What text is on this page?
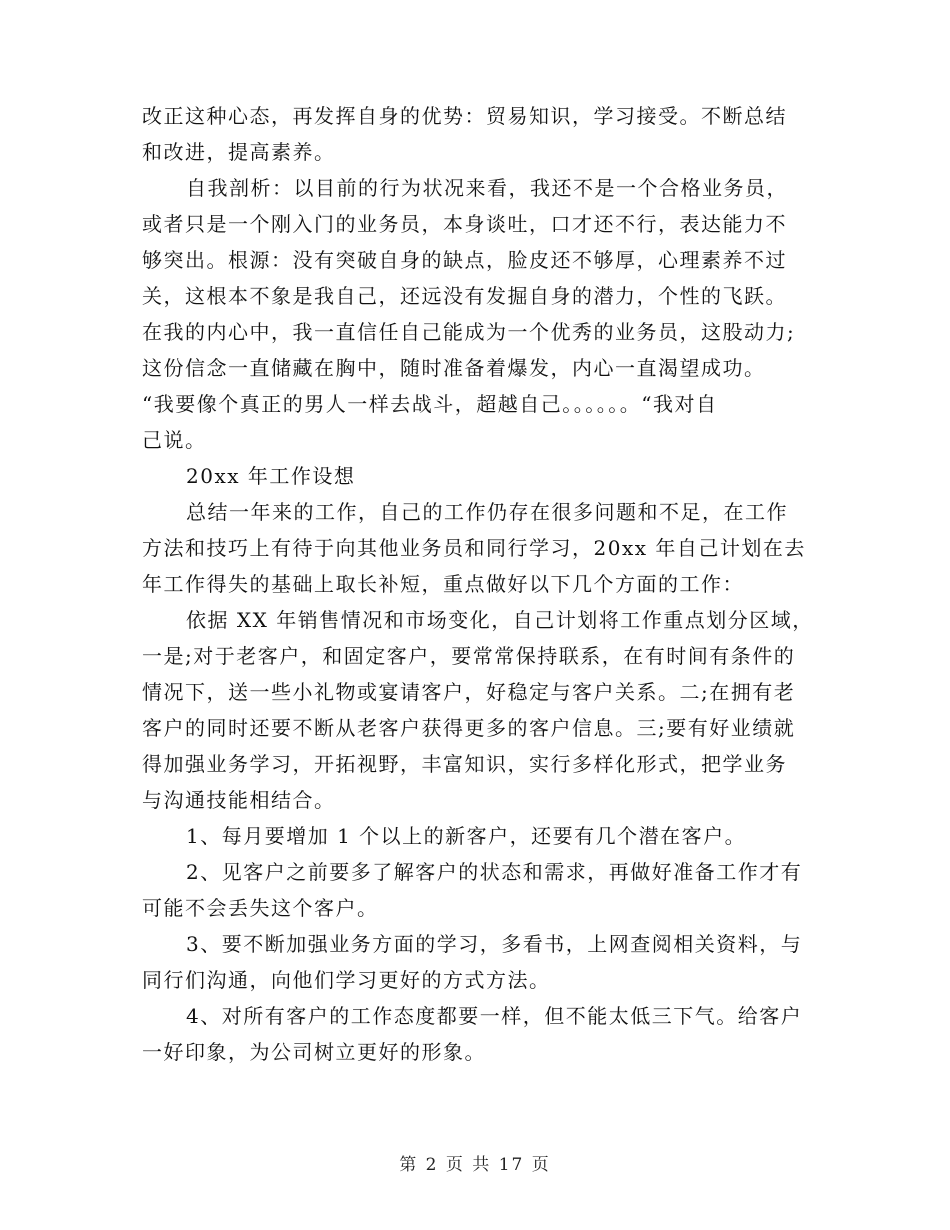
改正这种心态，再发挥自身的优势：贸易知识，学习接受。不断总结
和改进，提高素养。
自我剖析：以目前的行为状况来看，我还不是一个合格业务员，
或者只是一个刚入门的业务员，本身谈吐，口才还不行，表达能力不
够突出。根源：没有突破自身的缺点，脸皮还不够厚，心理素养不过
关，这根本不象是我自己，还远没有发掘自身的潜力，个性的飞跃。
在我的内心中，我一直信任自己能成为一个优秀的业务员，这股动力;
这份信念一直储藏在胸中，随时准备着爆发，内心一直渴望成功。
“我要像个真正的男人一样去战斗，超越自己。。。。。。“我对自
己说。
20xx 年工作设想
总结一年来的工作，自己的工作仍存在很多问题和不足，在工作
方法和技巧上有待于向其他业务员和同行学习，20xx 年自己计划在去
年工作得失的基础上取长补短，重点做好以下几个方面的工作：
依据 XX 年销售情况和市场变化，自己计划将工作重点划分区域，
一是;对于老客户，和固定客户，要常常保持联系，在有时间有条件的
情况下，送一些小礼物或宴请客户，好稳定与客户关系。二;在拥有老
客户的同时还要不断从老客户获得更多的客户信息。三;要有好业绩就
得加强业务学习，开拓视野，丰富知识，实行多样化形式，把学业务
与沟通技能相结合。
1、每月要增加 1 个以上的新客户，还要有几个潜在客户。
2、见客户之前要多了解客户的状态和需求，再做好准备工作才有
可能不会丢失这个客户。
3、要不断加强业务方面的学习，多看书，上网查阅相关资料，与
同行们沟通，向他们学习更好的方式方法。
4、对所有客户的工作态度都要一样，但不能太低三下气。给客户
一好印象，为公司树立更好的形象。
第 2 页 共 17 页
